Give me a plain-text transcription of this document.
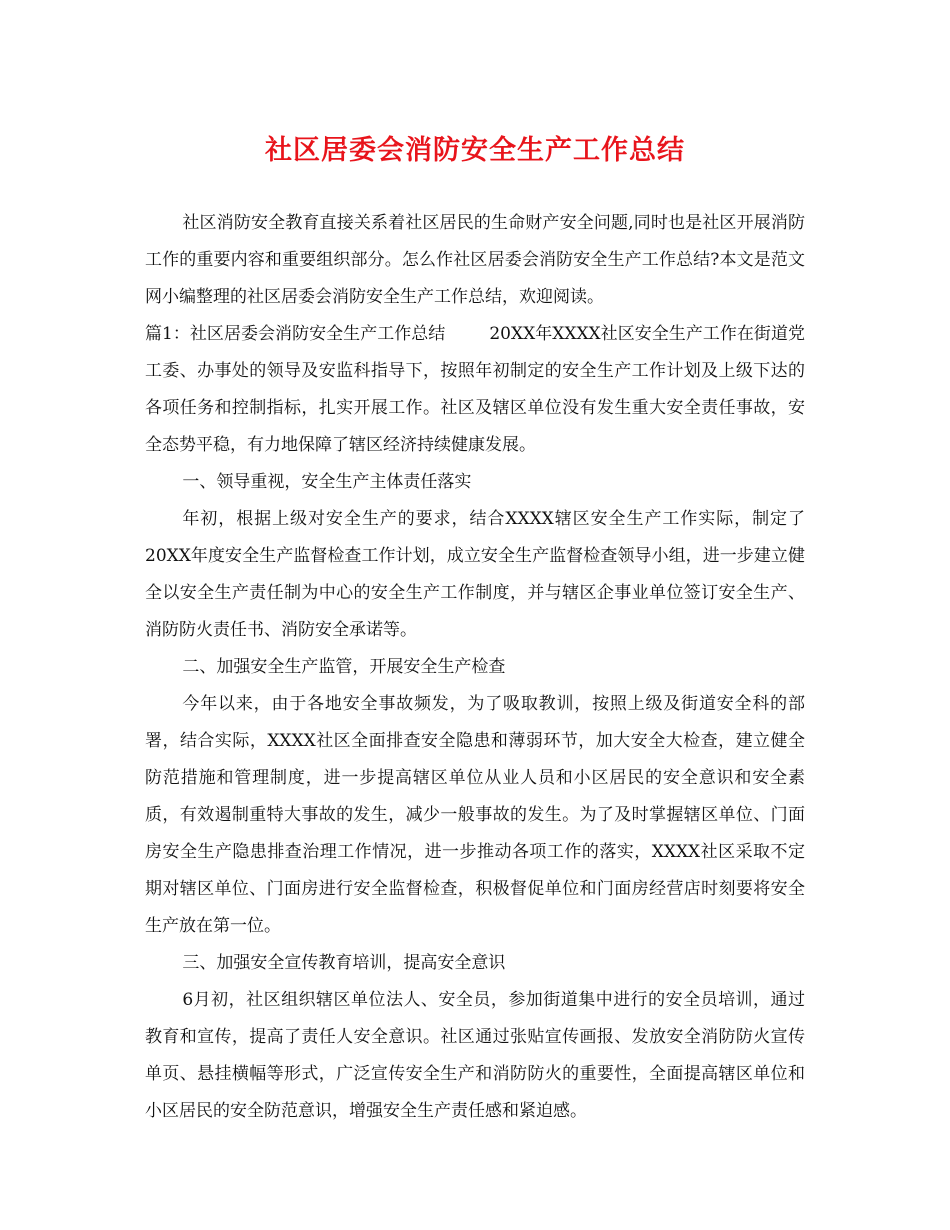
社区居委会消防安全生产工作总结

社区消防安全教育直接关系着社区居民的生命财产安全问题,同时也是社区开展消防工作的重要内容和重要组织部分。怎么作社区居委会消防安全生产工作总结?本文是范文网小编整理的社区居委会消防安全生产工作总结，欢迎阅读。

篇1：社区居委会消防安全生产工作总结	20XX年XXXX社区安全生产工作在街道党工委、办事处的领导及安监科指导下，按照年初制定的安全生产工作计划及上级下达的各项任务和控制指标，扎实开展工作。社区及辖区单位没有发生重大安全责任事故，安全态势平稳，有力地保障了辖区经济持续健康发展。

一、领导重视，安全生产主体责任落实

年初，根据上级对安全生产的要求，结合XXXX辖区安全生产工作实际，制定了20XX年度安全生产监督检查工作计划，成立安全生产监督检查领导小组，进一步建立健全以安全生产责任制为中心的安全生产工作制度，并与辖区企事业单位签订安全生产、消防防火责任书、消防安全承诺等。

二、加强安全生产监管，开展安全生产检查

今年以来，由于各地安全事故频发，为了吸取教训，按照上级及街道安全科的部署，结合实际，XXXX社区全面排查安全隐患和薄弱环节，加大安全大检查，建立健全防范措施和管理制度，进一步提高辖区单位从业人员和小区居民的安全意识和安全素质，有效遏制重特大事故的发生，减少一般事故的发生。为了及时掌握辖区单位、门面房安全生产隐患排查治理工作情况，进一步推动各项工作的落实，XXXX社区采取不定期对辖区单位、门面房进行安全监督检查，积极督促单位和门面房经营店时刻要将安全生产放在第一位。

三、加强安全宣传教育培训，提高安全意识

6月初，社区组织辖区单位法人、安全员，参加街道集中进行的安全员培训，通过教育和宣传，提高了责任人安全意识。社区通过张贴宣传画报、发放安全消防防火宣传单页、悬挂横幅等形式，广泛宣传安全生产和消防防火的重要性，全面提高辖区单位和小区居民的安全防范意识，增强安全生产责任感和紧迫感。
